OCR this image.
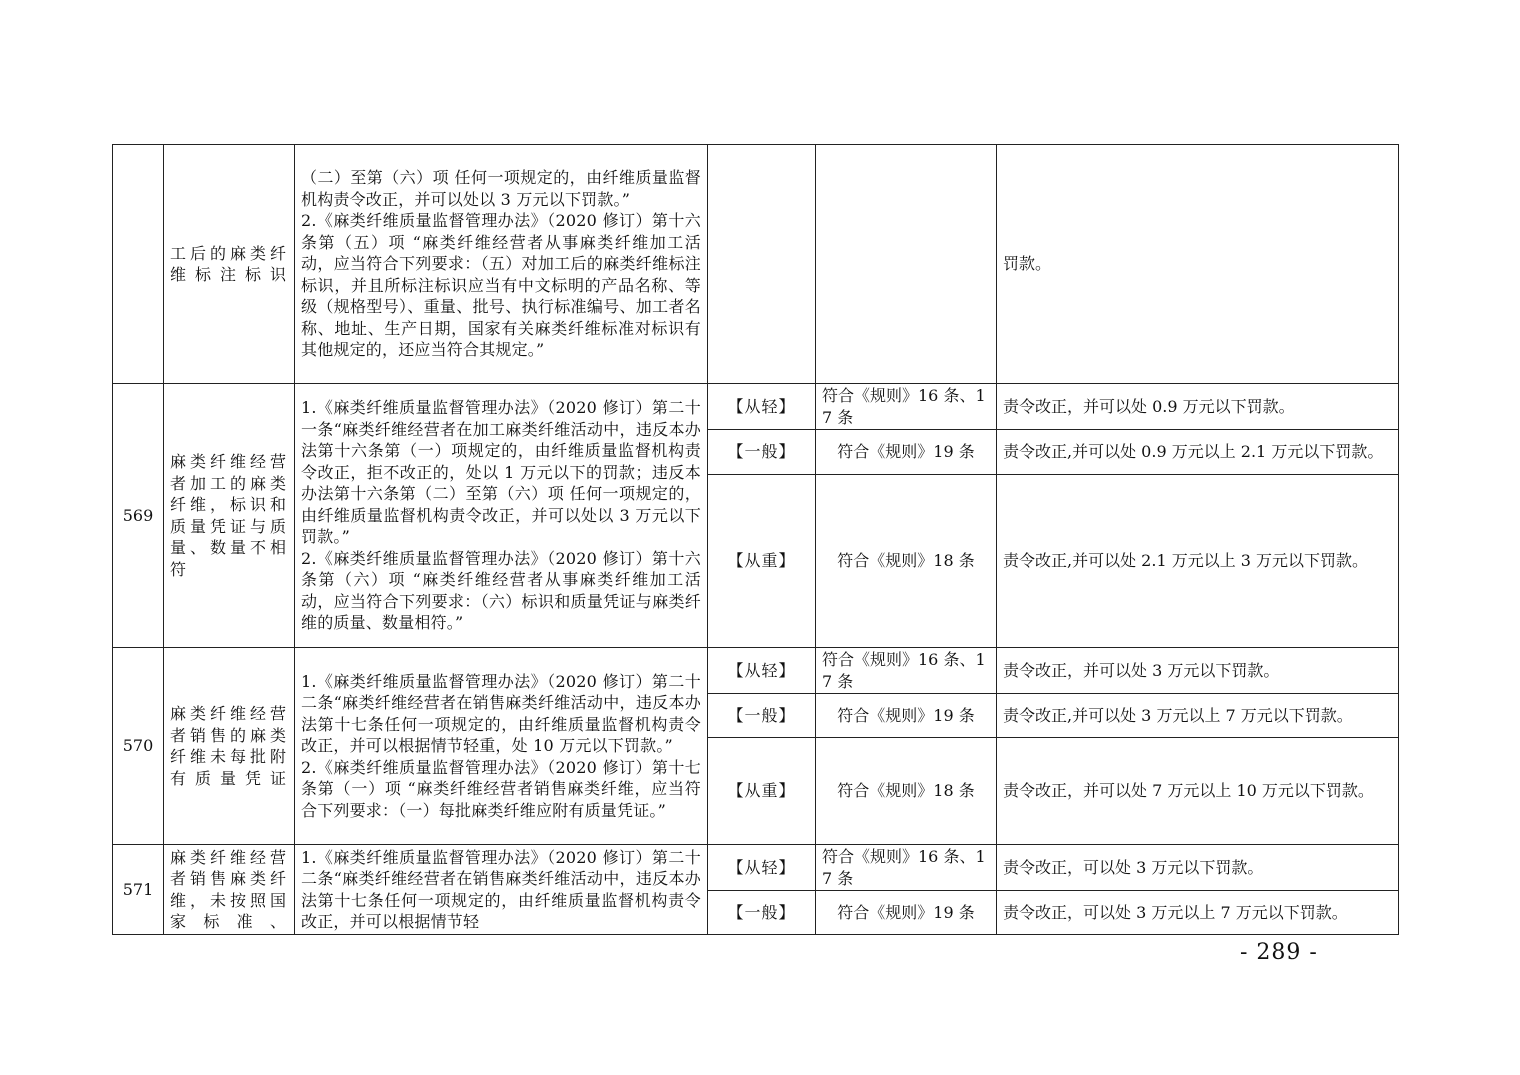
	工后的麻类纤维标注标识	（二）至第（六）项 任何一项规定的，由纤维质量监督机构责令改正，并可以处以 3 万元以下罚款。”
2.《麻类纤维质量监督管理办法》（2020 修订）第十六条第（五）项 “麻类纤维经营者从事麻类纤维加工活动，应当符合下列要求：（五）对加工后的麻类纤维标注标识，并且所标注标识应当有中文标明的产品名称、等级（规格型号）、重量、批号、执行标准编号、加工者名称、地址、生产日期，国家有关麻类纤维标准对标识有其他规定的，还应当符合其规定。”			罚款。
569	麻类纤维经营者加工的麻类纤维，标识和质量凭证与质量、数量不相符	1.《麻类纤维质量监督管理办法》（2020 修订）第二十一条“麻类纤维经营者在加工麻类纤维活动中，违反本办法第十六条第（一）项规定的，由纤维质量监督机构责令改正，拒不改正的，处以 1 万元以下的罚款；违反本办法第十六条第（二）至第（六）项 任何一项规定的，由纤维质量监督机构责令改正，并可以处以 3 万元以下罚款。”
2.《麻类纤维质量监督管理办法》（2020 修订）第十六条第（六）项 “麻类纤维经营者从事麻类纤维加工活动，应当符合下列要求：（六）标识和质量凭证与麻类纤维的质量、数量相符。”	【从轻】	符合《规则》16 条、17 条	责令改正，并可以处 0.9 万元以下罚款。
			【一般】	符合《规则》19 条	责令改正,并可以处 0.9 万元以上 2.1 万元以下罚款。
			【从重】	符合《规则》18 条	责令改正,并可以处 2.1 万元以上 3 万元以下罚款。
570	麻类纤维经营者销售的麻类纤维未每批附有质量凭证	1.《麻类纤维质量监督管理办法》（2020 修订）第二十二条“麻类纤维经营者在销售麻类纤维活动中，违反本办法第十七条任何一项规定的，由纤维质量监督机构责令改正，并可以根据情节轻重，处 10 万元以下罚款。”
2.《麻类纤维质量监督管理办法》（2020 修订）第十七条第（一）项 “麻类纤维经营者销售麻类纤维，应当符合下列要求：（一）每批麻类纤维应附有质量凭证。”	【从轻】	符合《规则》16 条、17 条	责令改正，并可以处 3 万元以下罚款。
			【一般】	符合《规则》19 条	责令改正,并可以处 3 万元以上 7 万元以下罚款。
			【从重】	符合《规则》18 条	责令改正，并可以处 7 万元以上 10 万元以下罚款。
571	麻类纤维经营者销售麻类纤维，未按照国家标准、	1.《麻类纤维质量监督管理办法》（2020 修订）第二十二条“麻类纤维经营者在销售麻类纤维活动中，违反本办法第十七条任何一项规定的，由纤维质量监督机构责令改正，并可以根据情节轻	【从轻】	符合《规则》16 条、17 条	责令改正，可以处 3 万元以下罚款。
			【一般】	符合《规则》19 条	责令改正，可以处 3 万元以上 7 万元以下罚款。
- 289 -
